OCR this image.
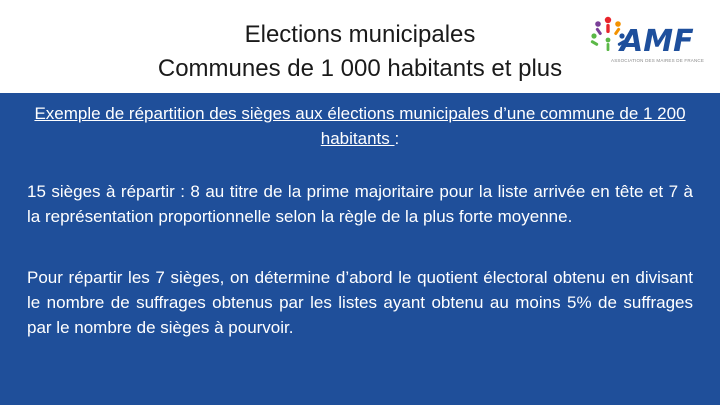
Elections municipales
Communes de 1 000 habitants et plus
AMF
ASSOCIATION DES MAIRES DE FRANCE
Exemple de répartition des sièges aux élections municipales d’une commune de 1 200 habitants :
15 sièges à répartir : 8 au titre de la prime majoritaire pour la liste arrivée en tête et 7 à la représentation proportionnelle selon la règle de la plus forte moyenne.
Pour répartir les 7 sièges, on détermine d’abord le quotient électoral obtenu en divisant le nombre de suffrages obtenus par les listes ayant obtenu au moins 5% de suffrages par le nombre de sièges à pourvoir.
